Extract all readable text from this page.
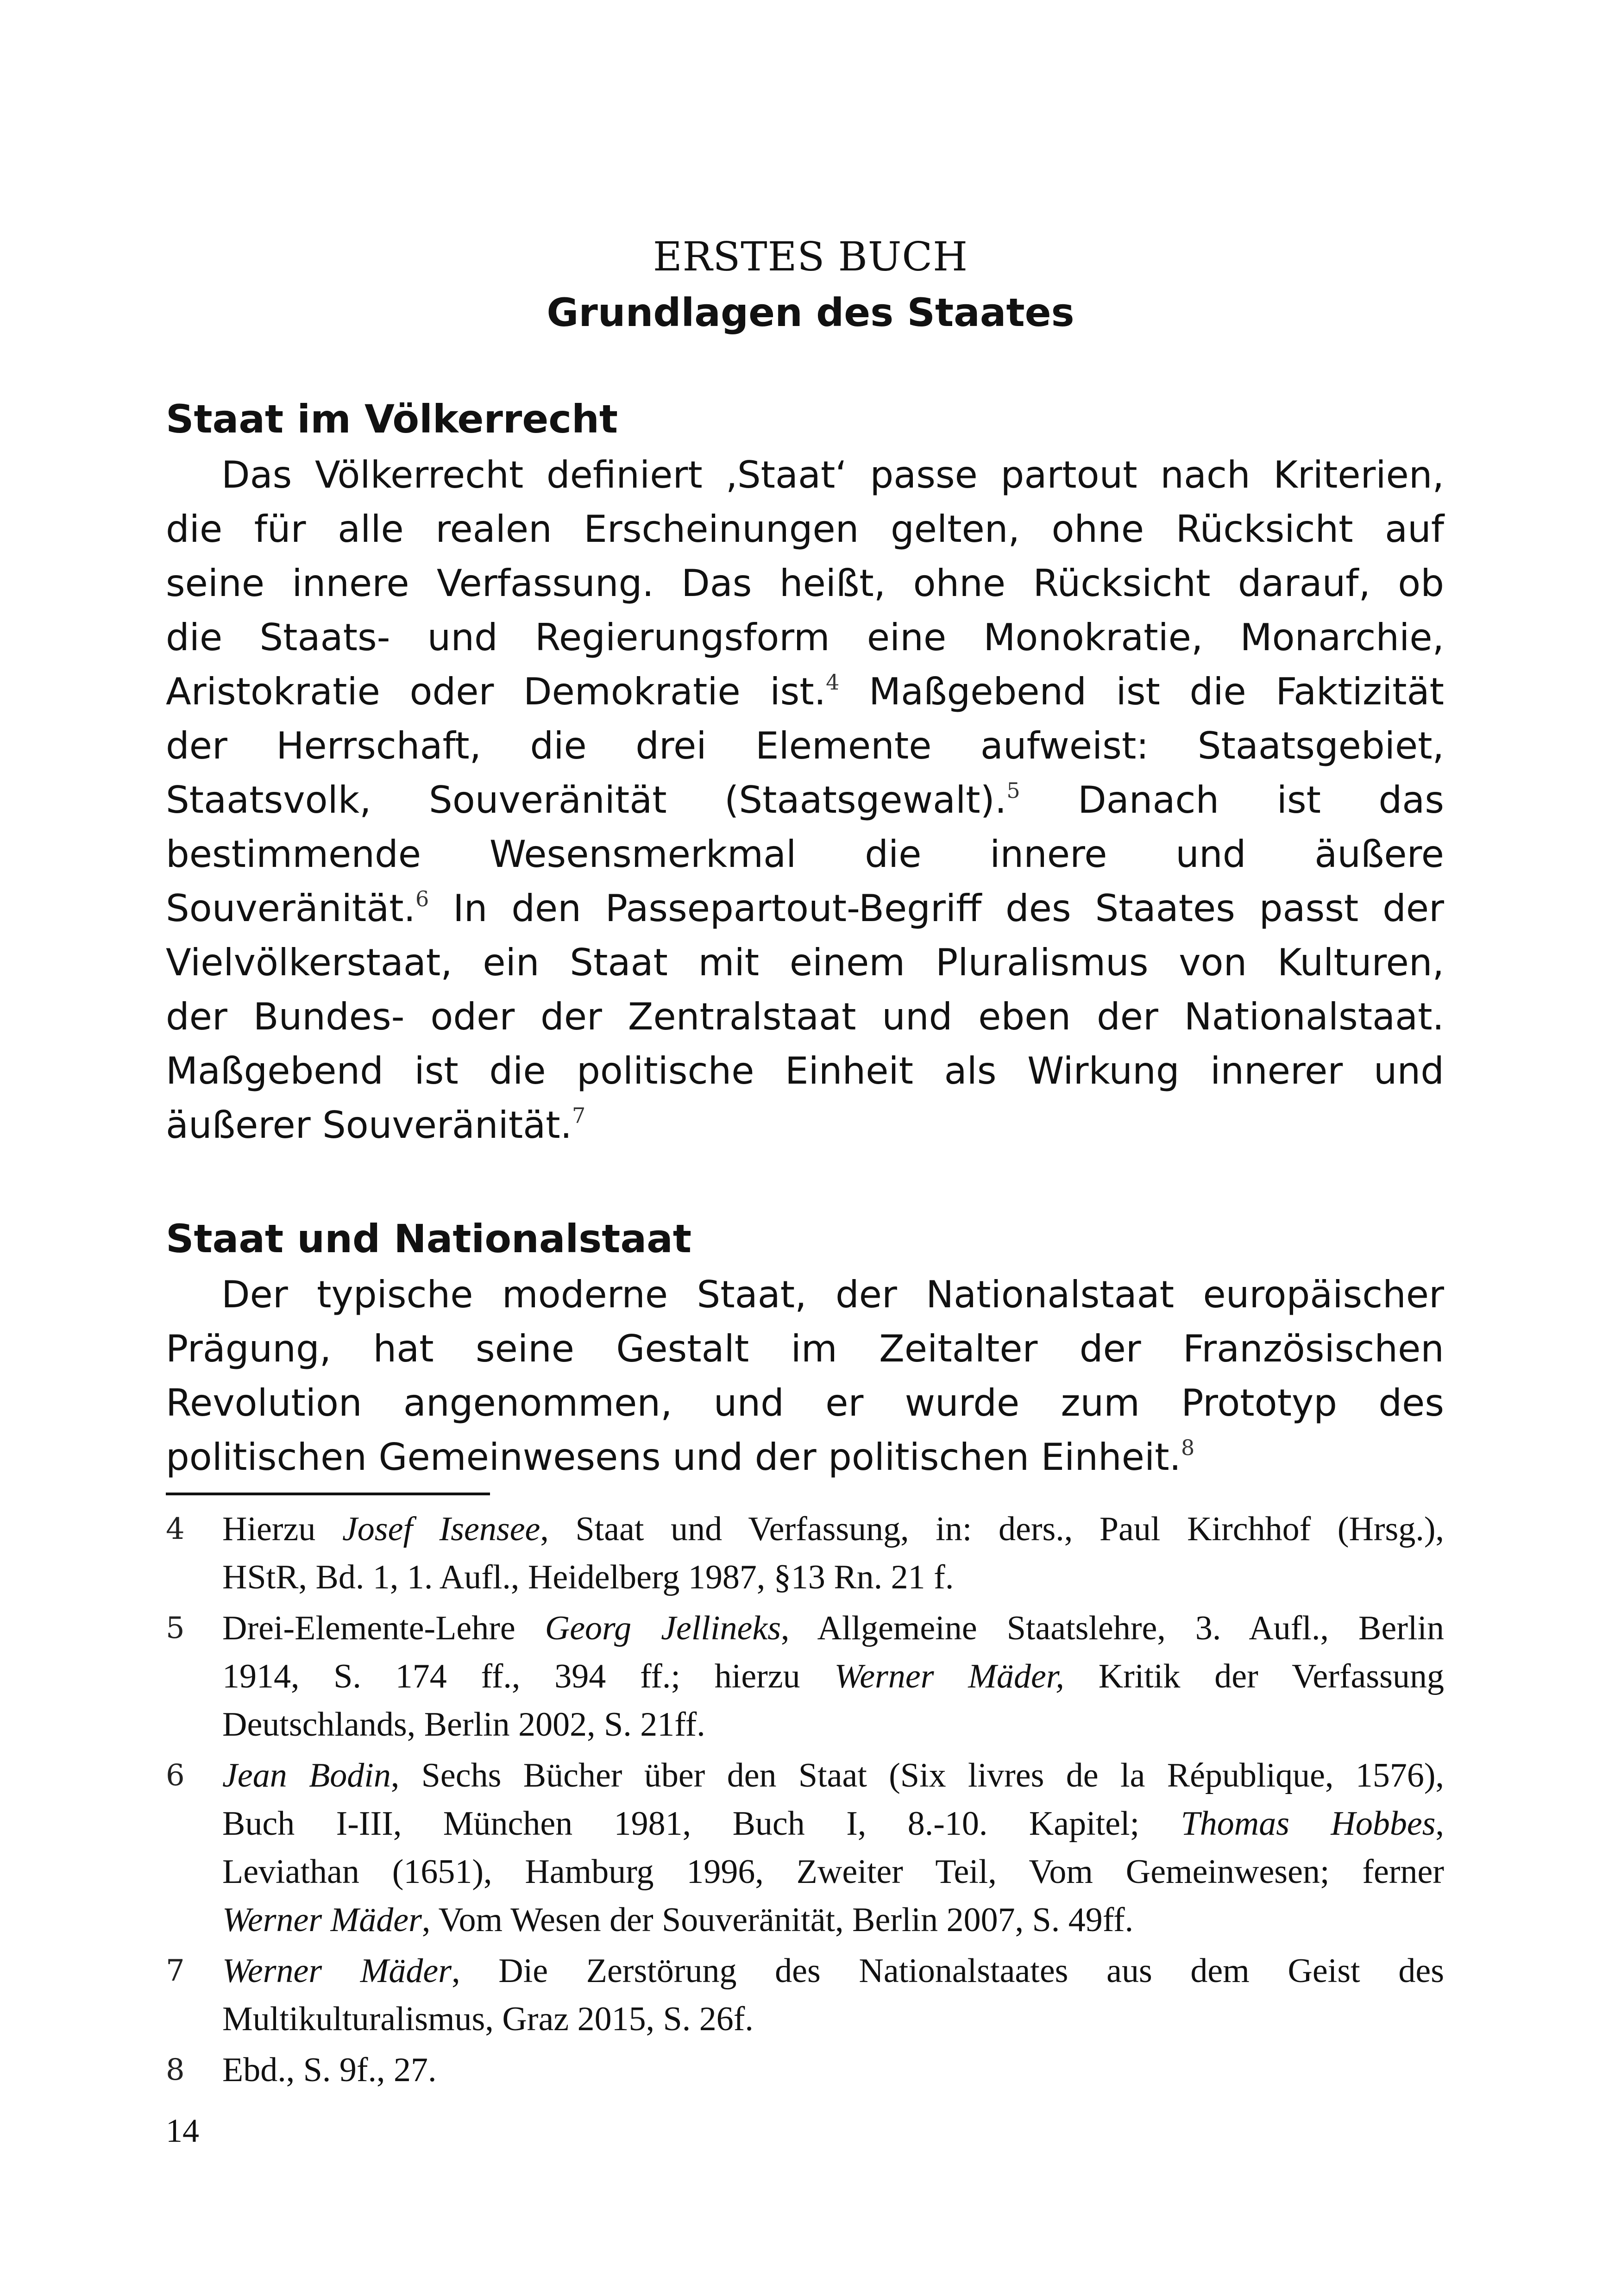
ERSTES BUCH
Grundlagen des Staates
Staat im Völkerrecht
Das Völkerrecht definiert ‚Staat‘ passe partout nach Kriterien,
die für alle realen Erscheinungen gelten, ohne Rücksicht auf
seine innere Verfassung. Das heißt, ohne Rücksicht darauf, ob
die Staats- und Regierungsform eine Monokratie, Monarchie,
Aristokratie oder Demokratie ist.$^4$ Maßgebend ist die Faktizität
der Herrschaft, die drei Elemente aufweist: Staatsgebiet,
Staatsvolk, Souveränität (Staatsgewalt).$^5$ Danach ist das
bestimmende Wesensmerkmal die innere und äußere
Souveränität.$^6$ In den Passepartout-Begriff des Staates passt der
Vielvölkerstaat, ein Staat mit einem Pluralismus von Kulturen,
der Bundes- oder der Zentralstaat und eben der Nationalstaat.
Maßgebend ist die politische Einheit als Wirkung innerer und
äußerer Souveränität.$^7$
Staat und Nationalstaat
Der typische moderne Staat, der Nationalstaat europäischer
Prägung, hat seine Gestalt im Zeitalter der Französischen
Revolution angenommen, und er wurde zum Prototyp des
politischen Gemeinwesens und der politischen Einheit.$^8$
4	Hierzu Josef Isensee, Staat und Verfassung, in: ders., Paul Kirchhof (Hrsg.),
HStR, Bd. 1, 1. Aufl., Heidelberg 1987, §13 Rn. 21 f.
5	Drei-Elemente-Lehre Georg Jellineks, Allgemeine Staatslehre, 3. Aufl., Berlin
1914, S. 174 ff., 394 ff.; hierzu Werner Mäder, Kritik der Verfassung
Deutschlands, Berlin 2002, S. 21ff.
6	Jean Bodin, Sechs Bücher über den Staat (Six livres de la République, 1576),
Buch I-III, München 1981, Buch I, 8.-10. Kapitel; Thomas Hobbes,
Leviathan (1651), Hamburg 1996, Zweiter Teil, Vom Gemeinwesen; ferner
Werner Mäder, Vom Wesen der Souveränität, Berlin 2007, S. 49ff.
7	Werner Mäder, Die Zerstörung des Nationalstaates aus dem Geist des
Multikulturalismus, Graz 2015, S. 26f.
8	Ebd., S. 9f., 27.
14
